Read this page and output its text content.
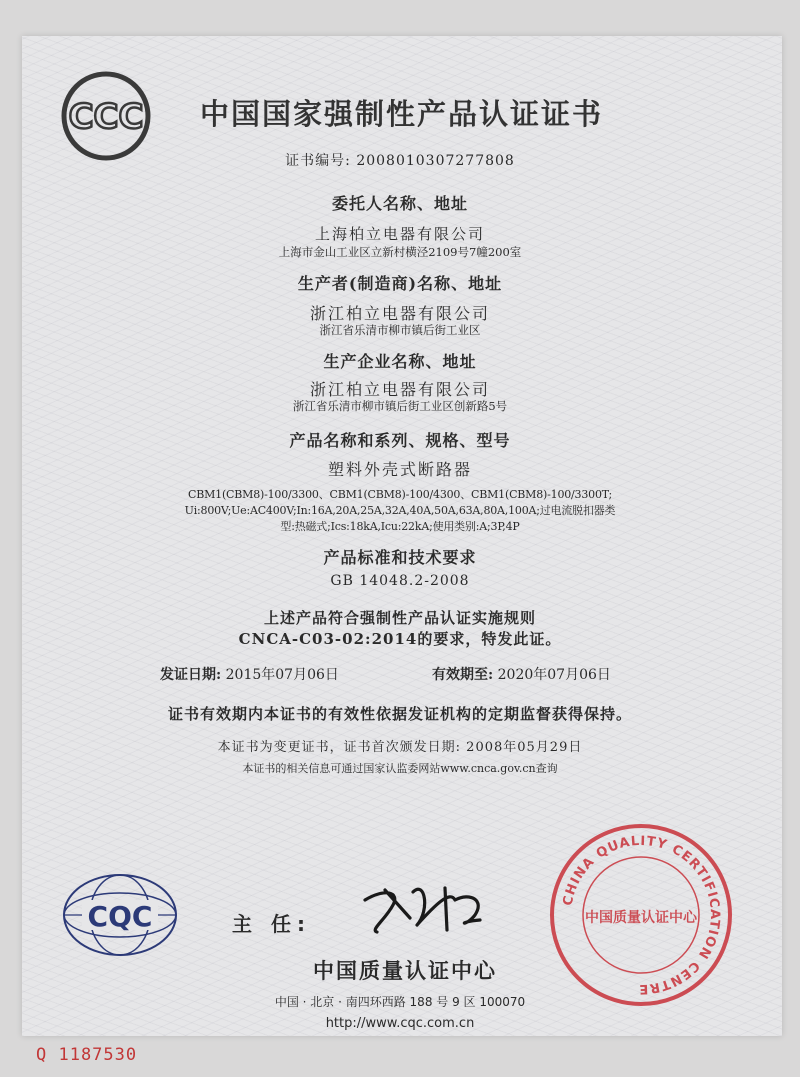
CCC 中国国家强制性产品认证证书
证书编号: 2008010307277808
委托人名称、地址
上海柏立电器有限公司
上海市金山工业区立新村横泾2109号7幢200室
生产者(制造商)名称、地址
浙江柏立电器有限公司
浙江省乐清市柳市镇后街工业区
生产企业名称、地址
浙江柏立电器有限公司
浙江省乐清市柳市镇后街工业区创新路5号
产品名称和系列、规格、型号
塑料外壳式断路器
CBM1(CBM8)-100/3300、CBM1(CBM8)-100/4300、CBM1(CBM8)-100/3300T;
Ui:800V;Ue:AC400V;In:16A,20A,25A,32A,40A,50A,63A,80A,100A;过电流脱扣器类
型:热磁式;Ics:18kA,Icu:22kA;使用类别:A;3P,4P
产品标准和技术要求
GB 14048.2-2008
上述产品符合强制性产品认证实施规则
CNCA-C03-02:2014的要求，特发此证。
发证日期: 2015年07月06日	有效期至: 2020年07月06日
证书有效期内本证书的有效性依据发证机构的定期监督获得保持。
本证书为变更证书，证书首次颁发日期: 2008年05月29日
本证书的相关信息可通过国家认监委网站www.cnca.gov.cn查询
CQC	主 任:
中国质量认证中心
中国 · 北京 · 南四环西路 188 号 9 区 100070
http://www.cqc.com.cn
CHINA QUALITY CERTIFICATION CENTRE
中国质量认证中心
Q 1187530
